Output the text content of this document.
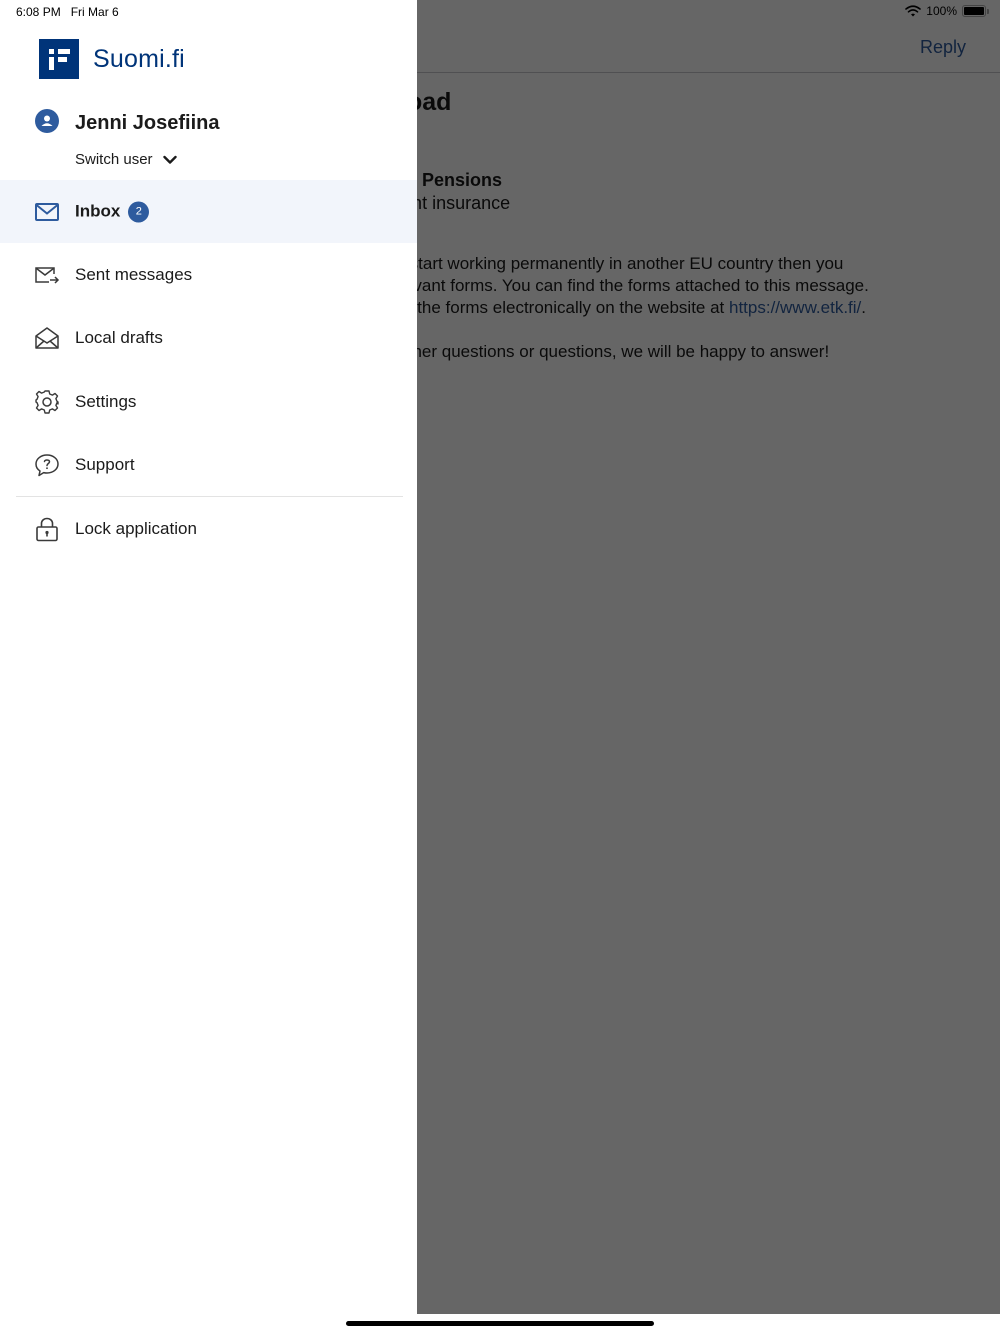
6:08 PM Fri Mar 6
Suomi.fi
Jenni Josefiina
Switch user
Inbox 2
Sent messages
Local drafts
Settings
Support
Lock application
100%
